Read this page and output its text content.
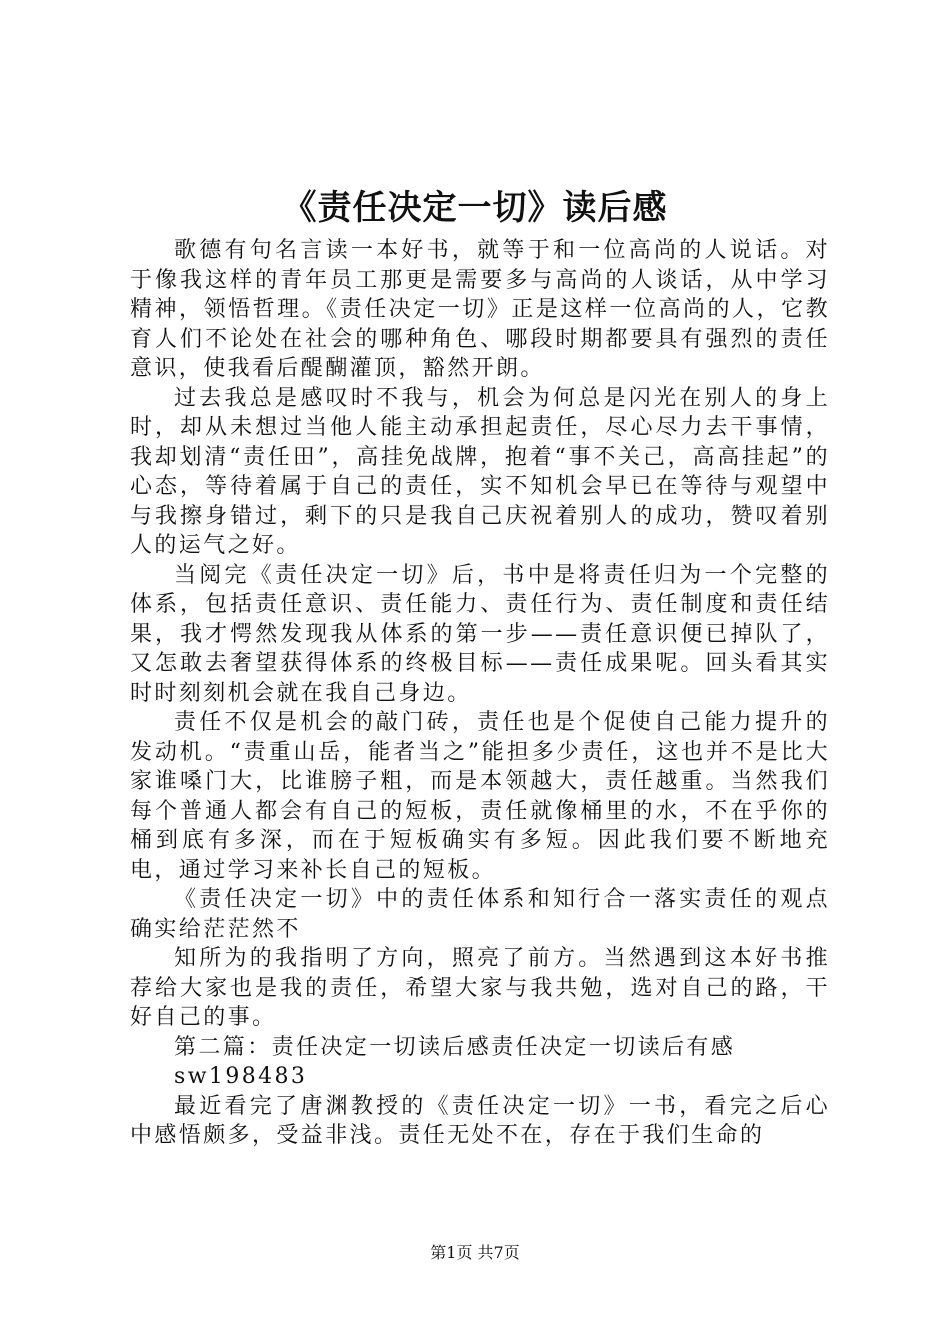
《责任决定一切》读后感

歌德有句名言读一本好书，就等于和一位高尚的人说话。对于像我这样的青年员工那更是需要多与高尚的人谈话，从中学习精神，领悟哲理。《责任决定一切》正是这样一位高尚的人，它教育人们不论处在社会的哪种角色、哪段时期都要具有强烈的责任意识，使我看后醍醐灌顶，豁然开朗。

过去我总是感叹时不我与，机会为何总是闪光在别人的身上时，却从未想过当他人能主动承担起责任，尽心尽力去干事情，我却划清“责任田”，高挂免战牌，抱着“事不关己，高高挂起”的心态，等待着属于自己的责任，实不知机会早已在等待与观望中与我擦身错过，剩下的只是我自己庆祝着别人的成功，赞叹着别人的运气之好。

当阅完《责任决定一切》后，书中是将责任归为一个完整的体系，包括责任意识、责任能力、责任行为、责任制度和责任结果，我才愕然发现我从体系的第一步——责任意识便已掉队了，又怎敢去奢望获得体系的终极目标——责任成果呢。回头看其实时时刻刻机会就在我自己身边。

责任不仅是机会的敲门砖，责任也是个促使自己能力提升的发动机。“责重山岳，能者当之”能担多少责任，这也并不是比大家谁嗓门大，比谁膀子粗，而是本领越大，责任越重。当然我们每个普通人都会有自己的短板，责任就像桶里的水，不在乎你的桶到底有多深，而在于短板确实有多短。因此我们要不断地充电，通过学习来补长自己的短板。

《责任决定一切》中的责任体系和知行合一落实责任的观点确实给茫茫然不

知所为的我指明了方向，照亮了前方。当然遇到这本好书推荐给大家也是我的责任，希望大家与我共勉，选对自己的路，干好自己的事。

第二篇：责任决定一切读后感责任决定一切读后有感

sw198483

最近看完了唐渊教授的《责任决定一切》一书，看完之后心中感悟颇多，受益非浅。责任无处不在，存在于我们生命的

第1页 共7页
